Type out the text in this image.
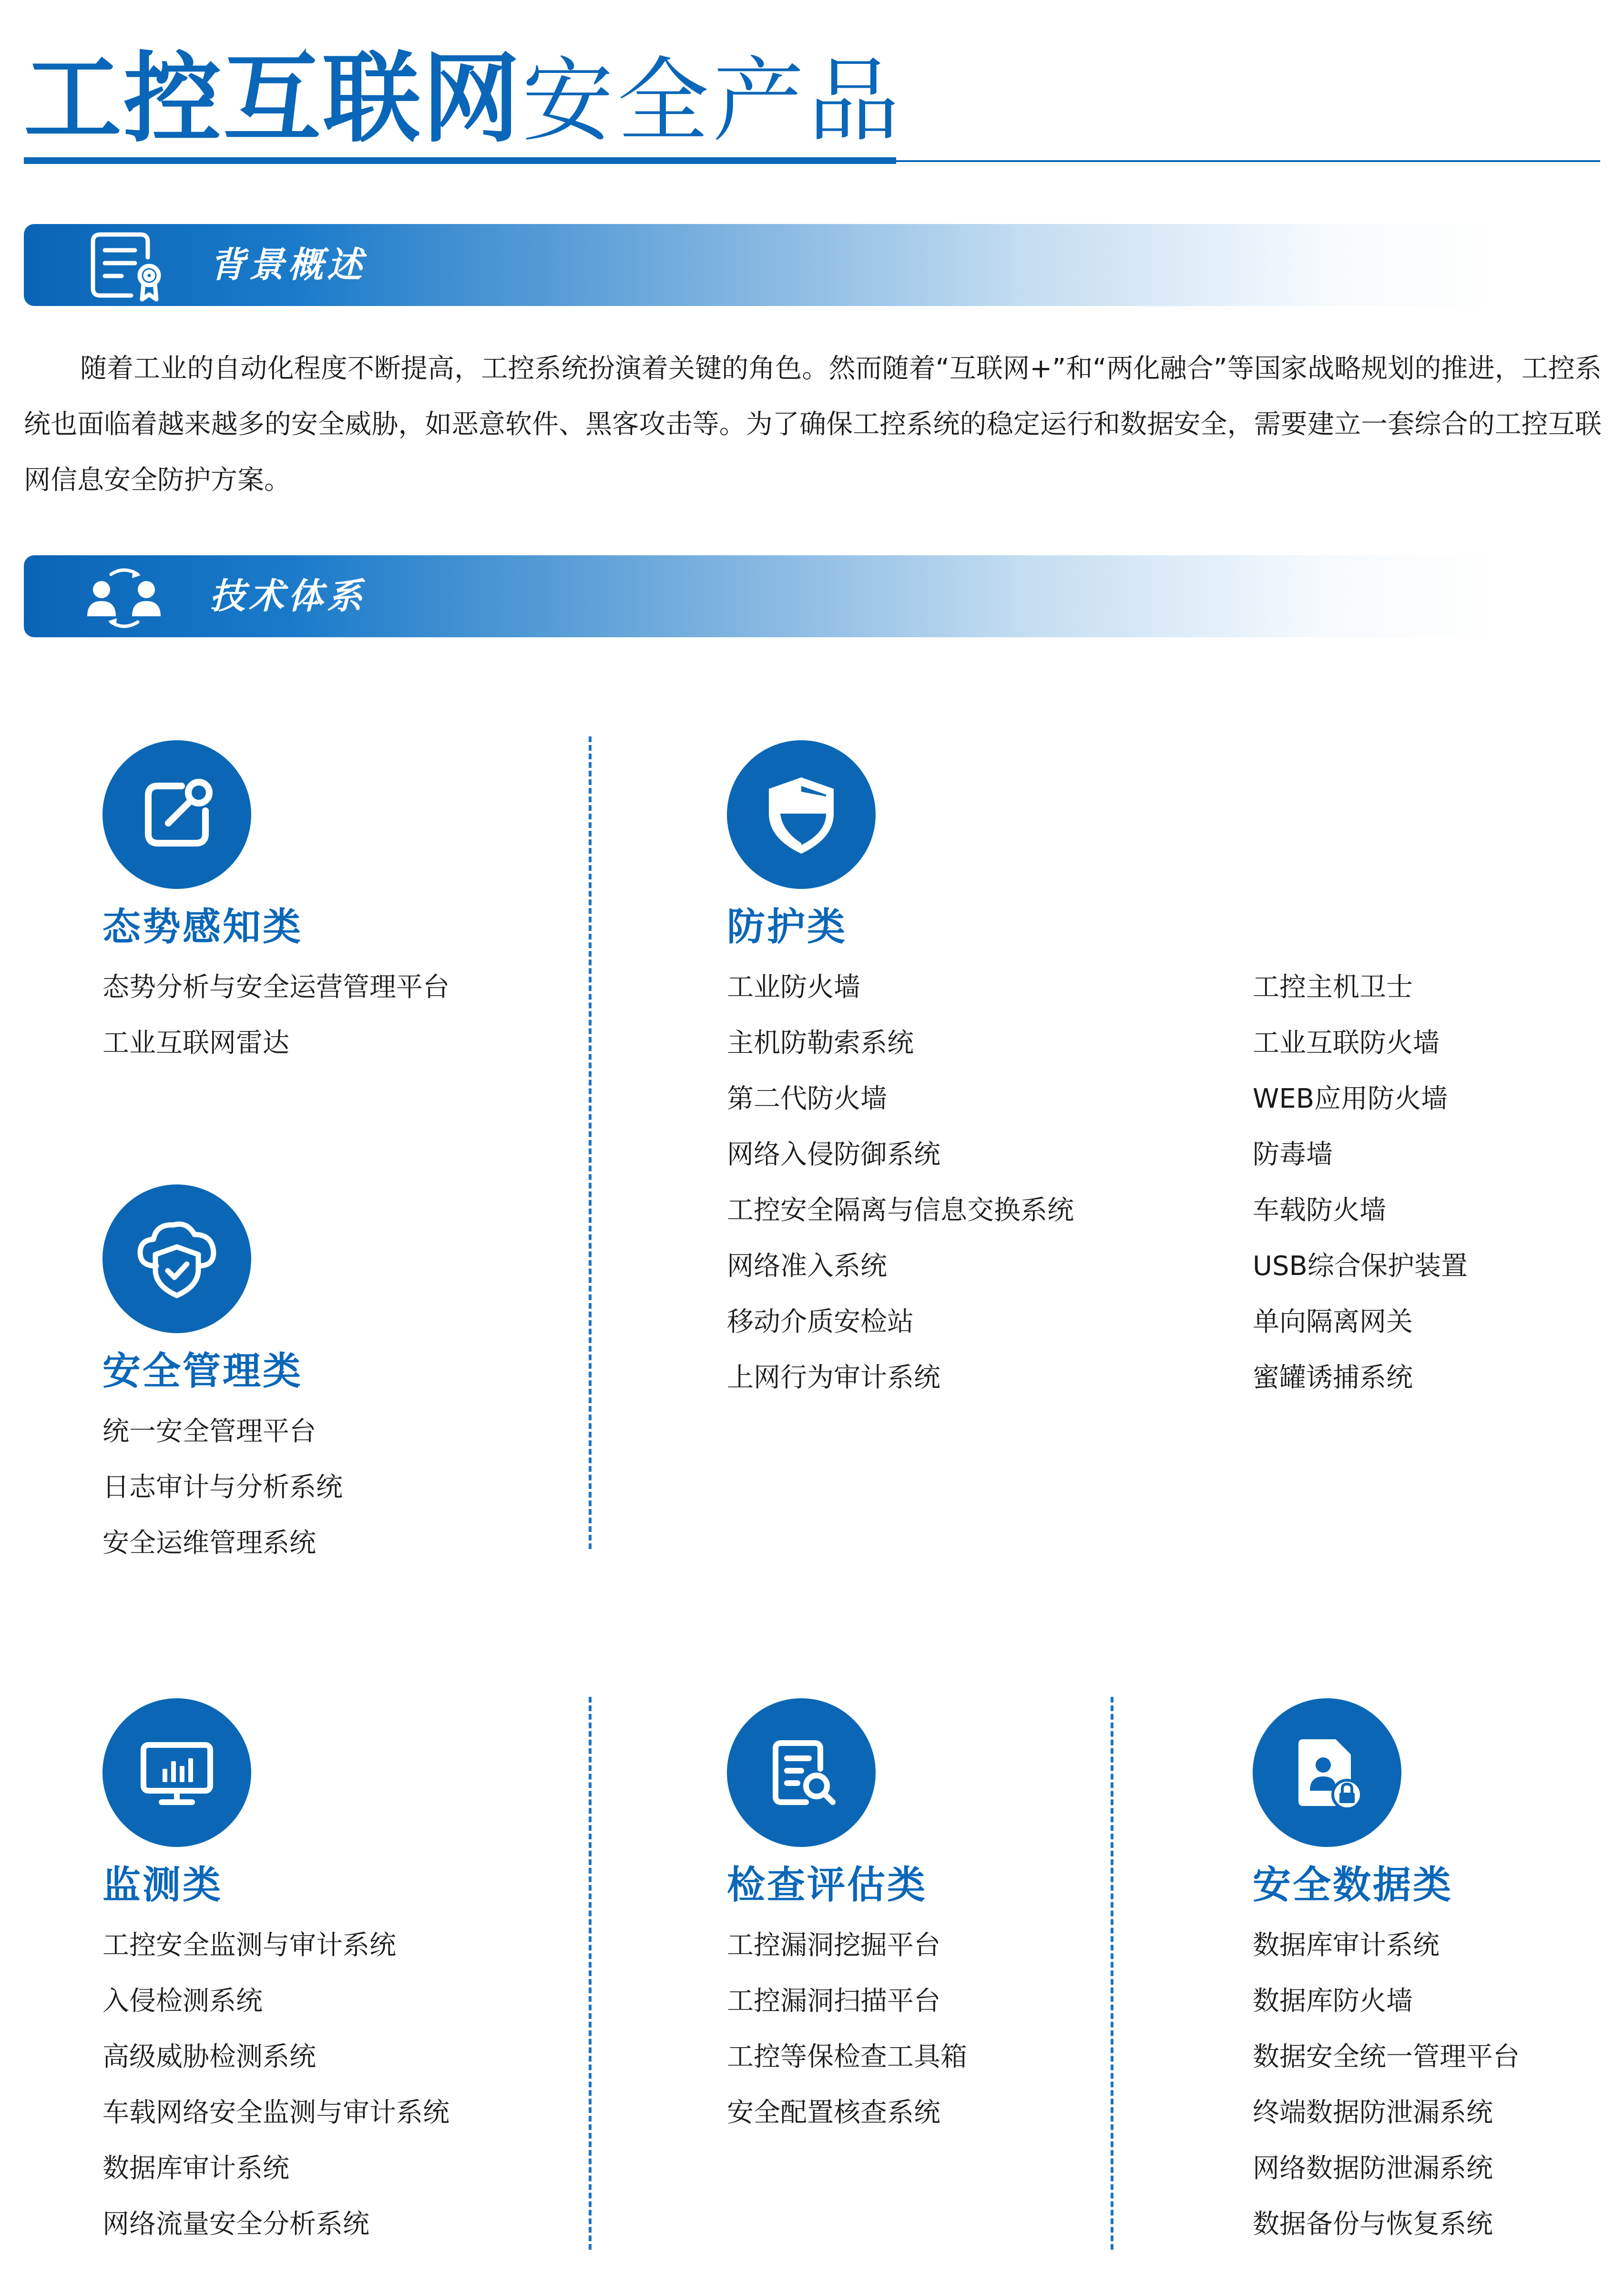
工控互联网 安全产品
背景概述

随着工业的自动化程度不断提高，工控系统扮演着关键的角色。然而随着“互联网+”和“两化融合”等国家战略规划的推进，工控系统也面临着越来越多的安全威胁，如恶意软件、黑客攻击等。为了确保工控系统的稳定运行和数据安全，需要建立一套综合的工控互联网信息安全防护方案。

技术体系
态势感知类
态势分析与安全运营管理平台
工业互联网雷达
安全管理类
统一安全管理平台
日志审计与分析系统
安全运维管理系统
防护类
工业防火墙
主机防勒索系统
第二代防火墙
网络入侵防御系统
工控安全隔离与信息交换系统
网络准入系统
移动介质安检站
上网行为审计系统
工控主机卫士
工业互联防火墙
WEB应用防火墙
防毒墙
车载防火墙
USB综合保护装置
单向隔离网关
蜜罐诱捕系统
监测类
工控安全监测与审计系统
入侵检测系统
高级威胁检测系统
车载网络安全监测与审计系统
数据库审计系统
网络流量安全分析系统
检查评估类
工控漏洞挖掘平台
工控漏洞扫描平台
工控等保检查工具箱
安全配置核查系统
安全数据类
数据库审计系统
数据库防火墙
数据安全统一管理平台
终端数据防泄漏系统
网络数据防泄漏系统
数据备份与恢复系统
